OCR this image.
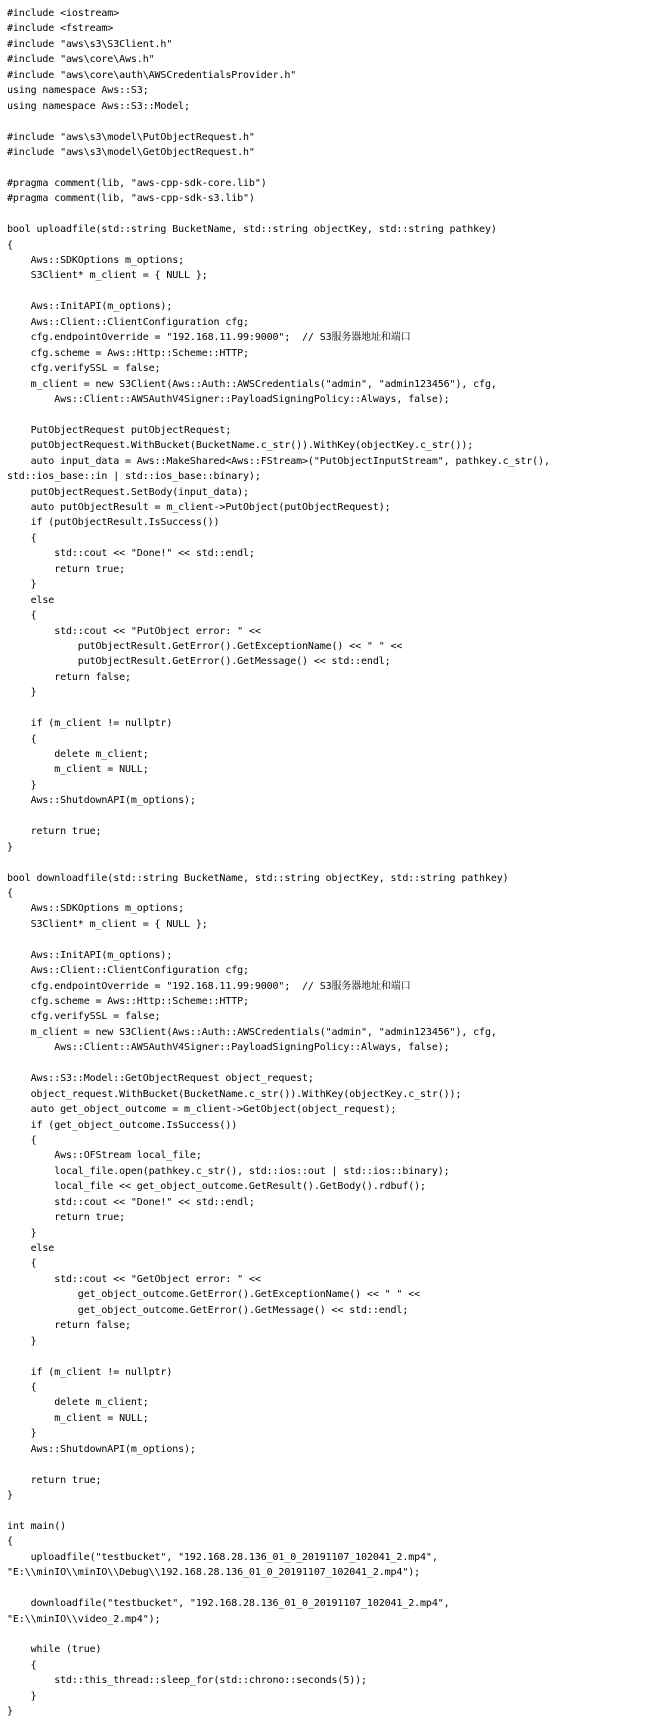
#include <iostream>
#include <fstream>
#include "aws\s3\S3Client.h"
#include "aws\core\Aws.h"
#include "aws\core\auth\AWSCredentialsProvider.h"
using namespace Aws::S3;
using namespace Aws::S3::Model;
#include "aws\s3\model\PutObjectRequest.h"
#include "aws\s3\model\GetObjectRequest.h"
#pragma comment(lib, "aws-cpp-sdk-core.lib")
#pragma comment(lib, "aws-cpp-sdk-s3.lib")
bool uploadfile(std::string BucketName, std::string objectKey, std::string pathkey)
{
Aws::SDKOptions m_options;
S3Client* m_client = { NULL };
Aws::InitAPI(m_options);
Aws::Client::ClientConfiguration cfg;
cfg.endpointOverride = "192.168.11.99:9000";  // S3服务器地址和端口
cfg.scheme = Aws::Http::Scheme::HTTP;
cfg.verifySSL = false;
m_client = new S3Client(Aws::Auth::AWSCredentials("admin", "admin123456"), cfg,
Aws::Client::AWSAuthV4Signer::PayloadSigningPolicy::Always, false);
PutObjectRequest putObjectRequest;
putObjectRequest.WithBucket(BucketName.c_str()).WithKey(objectKey.c_str());
auto input_data = Aws::MakeShared<Aws::FStream>("PutObjectInputStream", pathkey.c_str(),
std::ios_base::in | std::ios_base::binary);
putObjectRequest.SetBody(input_data);
auto putObjectResult = m_client->PutObject(putObjectRequest);
if (putObjectResult.IsSuccess())
{
std::cout << "Done!" << std::endl;
return true;
}
else
{
std::cout << "PutObject error: " <<
putObjectResult.GetError().GetExceptionName() << " " <<
putObjectResult.GetError().GetMessage() << std::endl;
return false;
}
if (m_client != nullptr)
{
delete m_client;
m_client = NULL;
}
Aws::ShutdownAPI(m_options);
return true;
}
bool downloadfile(std::string BucketName, std::string objectKey, std::string pathkey)
{
Aws::SDKOptions m_options;
S3Client* m_client = { NULL };
Aws::InitAPI(m_options);
Aws::Client::ClientConfiguration cfg;
cfg.endpointOverride = "192.168.11.99:9000";  // S3服务器地址和端口
cfg.scheme = Aws::Http::Scheme::HTTP;
cfg.verifySSL = false;
m_client = new S3Client(Aws::Auth::AWSCredentials("admin", "admin123456"), cfg,
Aws::Client::AWSAuthV4Signer::PayloadSigningPolicy::Always, false);
Aws::S3::Model::GetObjectRequest object_request;
object_request.WithBucket(BucketName.c_str()).WithKey(objectKey.c_str());
auto get_object_outcome = m_client->GetObject(object_request);
if (get_object_outcome.IsSuccess())
{
Aws::OFStream local_file;
local_file.open(pathkey.c_str(), std::ios::out | std::ios::binary);
local_file << get_object_outcome.GetResult().GetBody().rdbuf();
std::cout << "Done!" << std::endl;
return true;
}
else
{
std::cout << "GetObject error: " <<
get_object_outcome.GetError().GetExceptionName() << " " <<
get_object_outcome.GetError().GetMessage() << std::endl;
return false;
}
if (m_client != nullptr)
{
delete m_client;
m_client = NULL;
}
Aws::ShutdownAPI(m_options);
return true;
}
int main()
{
uploadfile("testbucket", "192.168.28.136_01_0_20191107_102041_2.mp4",
"E:\\minIO\\minIO\\Debug\\192.168.28.136_01_0_20191107_102041_2.mp4");
downloadfile("testbucket", "192.168.28.136_01_0_20191107_102041_2.mp4",
"E:\\minIO\\video_2.mp4");
while (true)
{
std::this_thread::sleep_for(std::chrono::seconds(5));
}
}
